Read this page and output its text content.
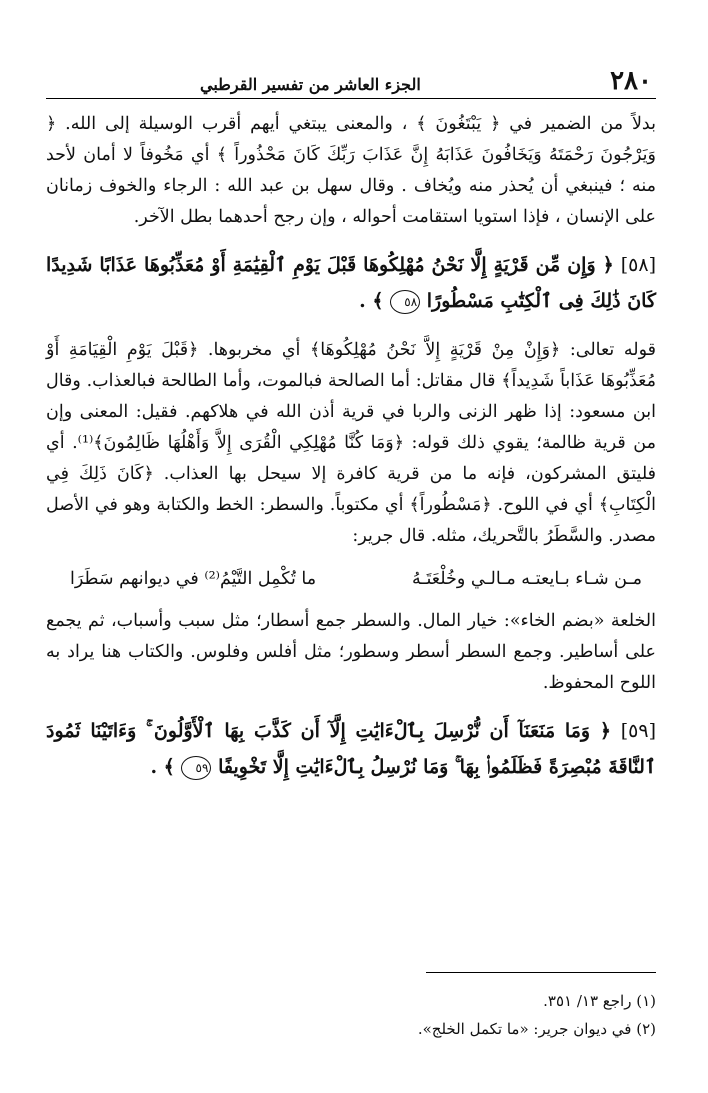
٢٨٠
الجزء العاشر من تفسير القرطبي

بدلاً من الضمير في ﴿ يَبْتَغُونَ ﴾ ، والمعنى يبتغي أيهم أقرب الوسيلة إلى الله. ﴿ وَيَرْجُونَ رَحْمَتَهُ وَيَخَافُونَ عَذَابَهُ إِنَّ عَذَابَ رَبِّكَ كَانَ مَحْذُوراً ﴾ أي مَخُوفاً لا أمان لأحد منه ؛ فينبغي أن يُحذر منه ويُخاف . وقال سهل بن عبد الله : الرجاء والخوف زمانان على الإنسان ، فإذا استويا استقامت أحواله ، وإن رجح أحدهما بطل الآخر.

[٥٨] ﴿ وَإِن مِّن قَرْيَةٍ إِلَّا نَحْنُ مُهْلِكُوهَا قَبْلَ يَوْمِ ٱلْقِيَٰمَةِ أَوْ مُعَذِّبُوهَا عَذَابًا شَدِيدًا كَانَ ذَٰلِكَ فِى ٱلْكِتَٰبِ مَسْطُورًا ٥٨ ﴾ .

قوله تعالى: ﴿وَإِنْ مِنْ قَرْيَةٍ إِلاَّ نَحْنُ مُهْلِكُوهَا﴾ أي مخربوها. ﴿قَبْلَ يَوْمِ الْقِيَامَةِ أَوْ مُعَذِّبُوهَا عَذَاباً شَدِيداً﴾ قال مقاتل: أما الصالحة فبالموت، وأما الطالحة فبالعذاب. وقال ابن مسعود: إذا ظهر الزنى والربا في قرية أذن الله في هلاكهم. فقيل: المعنى وإن من قرية ظالمة؛ يقوي ذلك قوله: ﴿وَمَا كُنَّا مُهْلِكِي الْقُرَى إِلاَّ وَأَهْلُهَا ظَالِمُونَ﴾⁽¹⁾. أي فليتق المشركون، فإنه ما من قرية كافرة إلا سيحل بها العذاب. ﴿كَانَ ذَلِكَ فِي الْكِتَابِ﴾ أي في اللوح. ﴿مَسْطُوراً﴾ أي مكتوباً. والسطر: الخط والكتابة وهو في الأصل مصدر. والسَّطَرُ بالتَّحريك، مثله. قال جرير:

مـن شـاء بـايعتـه مـالـي وخُلْعَتَـهُ
ما تُكْمِل التَّيْمُ⁽²⁾ في ديوانهم سَطَرَا

الخلعة «بضم الخاء»: خيار المال. والسطر جمع أسطار؛ مثل سبب وأسباب، ثم يجمع على أساطير. وجمع السطر أسطر وسطور؛ مثل أفلس وفلوس. والكتاب هنا يراد به اللوح المحفوظ.

[٥٩] ﴿ وَمَا مَنَعَنَآ أَن نُّرْسِلَ بِٱلْءَايَٰتِ إِلَّآ أَن كَذَّبَ بِهَا ٱلْأَوَّلُونَ ۚ وَءَاتَيْنَا ثَمُودَ ٱلنَّاقَةَ مُبْصِرَةً فَظَلَمُوا۟ بِهَا ۚ وَمَا نُرْسِلُ بِٱلْءَايَٰتِ إِلَّا تَخْوِيفًا ٥٩ ﴾ .
(١) راجع ١٣/ ٣٥١.
(٢) في ديوان جرير: «ما تكمل الخلج».
